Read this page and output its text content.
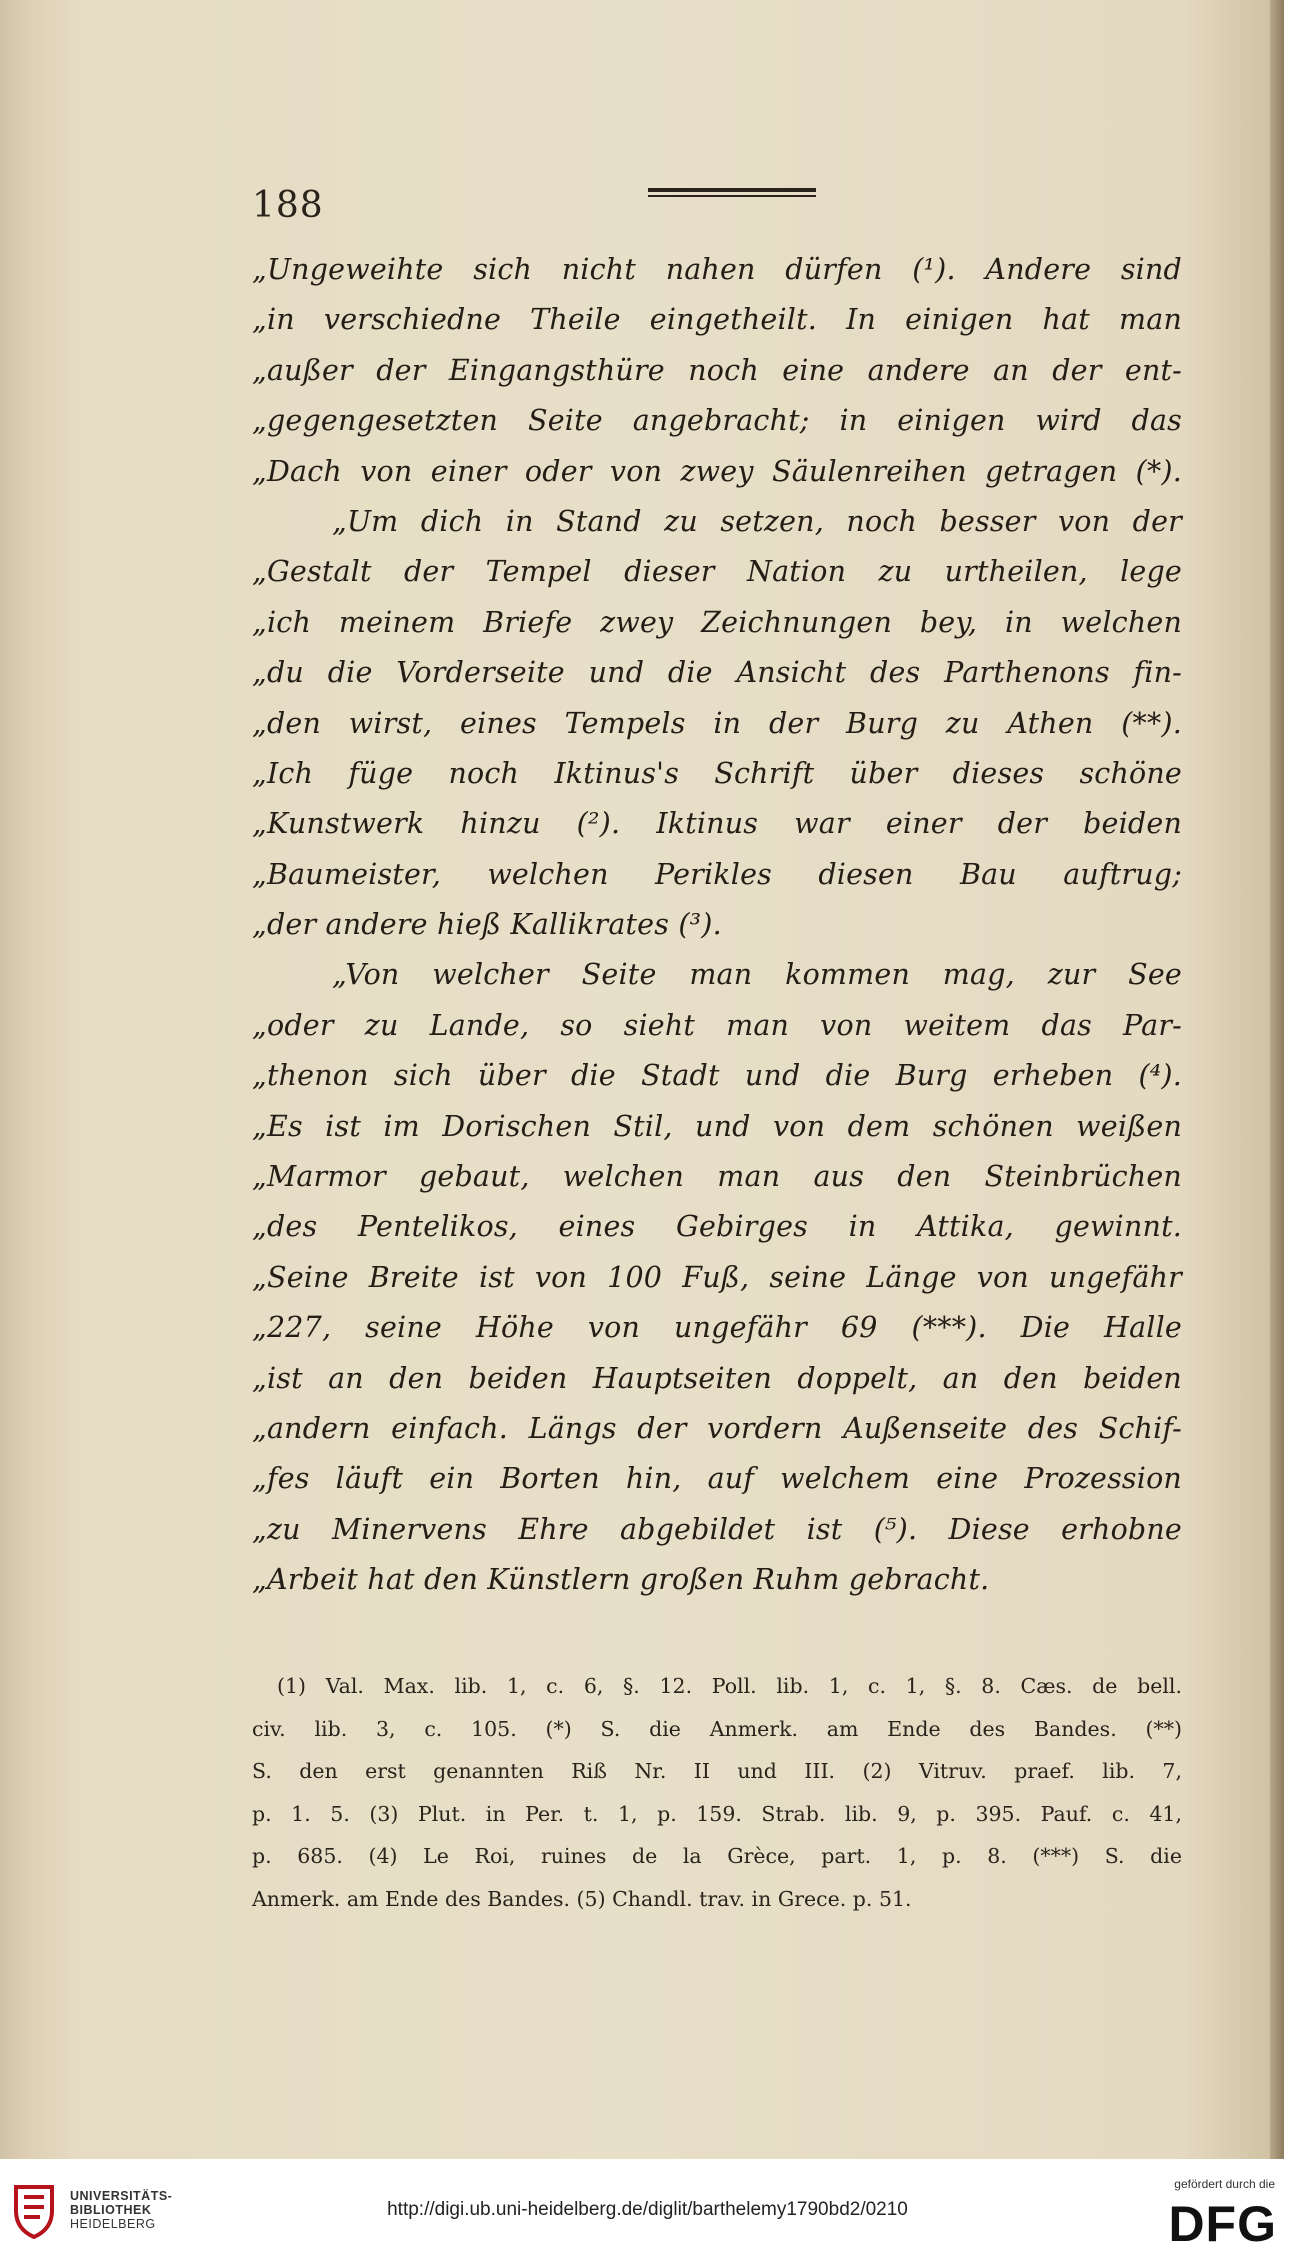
188
„Ungeweihte sich nicht nahen dürfen (¹). Andere sind
„in verschiedne Theile eingetheilt. In einigen hat man
„außer der Eingangsthüre noch eine andere an der ent-
„gegengesetzten Seite angebracht; in einigen wird das
„Dach von einer oder von zwey Säulenreihen getragen (*).
„Um dich in Stand zu setzen, noch besser von der
„Gestalt der Tempel dieser Nation zu urtheilen, lege
„ich meinem Briefe zwey Zeichnungen bey, in welchen
„du die Vorderseite und die Ansicht des Parthenons fin-
„den wirst, eines Tempels in der Burg zu Athen (**).
„Ich füge noch Iktinus's Schrift über dieses schöne
„Kunstwerk hinzu (²). Iktinus war einer der beiden
„Baumeister, welchen Perikles diesen Bau auftrug;
„der andere hieß Kallikrates (³).
„Von welcher Seite man kommen mag, zur See
„oder zu Lande, so sieht man von weitem das Par-
„thenon sich über die Stadt und die Burg erheben (⁴).
„Es ist im Dorischen Stil, und von dem schönen weißen
„Marmor gebaut, welchen man aus den Steinbrüchen
„des Pentelikos, eines Gebirges in Attika, gewinnt.
„Seine Breite ist von 100 Fuß, seine Länge von ungefähr
„227, seine Höhe von ungefähr 69 (***). Die Halle
„ist an den beiden Hauptseiten doppelt, an den beiden
„andern einfach. Längs der vordern Außenseite des Schif-
„fes läuft ein Borten hin, auf welchem eine Prozession
„zu Minervens Ehre abgebildet ist (⁵). Diese erhobne
„Arbeit hat den Künstlern großen Ruhm gebracht.
(1) Val. Max. lib. 1, c. 6, §. 12. Poll. lib. 1, c. 1, §. 8. Cæs. de bell.
civ. lib. 3, c. 105. (*) S. die Anmerk. am Ende des Bandes. (**)
S. den erst genannten Riß Nr. II und III. (2) Vitruv. praef. lib. 7,
p. 1. 5. (3) Plut. in Per. t. 1, p. 159. Strab. lib. 9, p. 395. Pauf. c. 41,
p. 685. (4) Le Roi, ruines de la Grèce, part. 1, p. 8. (***) S. die
Anmerk. am Ende des Bandes. (5) Chandl. trav. in Grece. p. 51.
UNIVERSITÄTS-
BIBLIOTHEK
HEIDELBERG
http://digi.ub.uni-heidelberg.de/diglit/barthelemy1790bd2/0210
gefördert durch die
DFG
